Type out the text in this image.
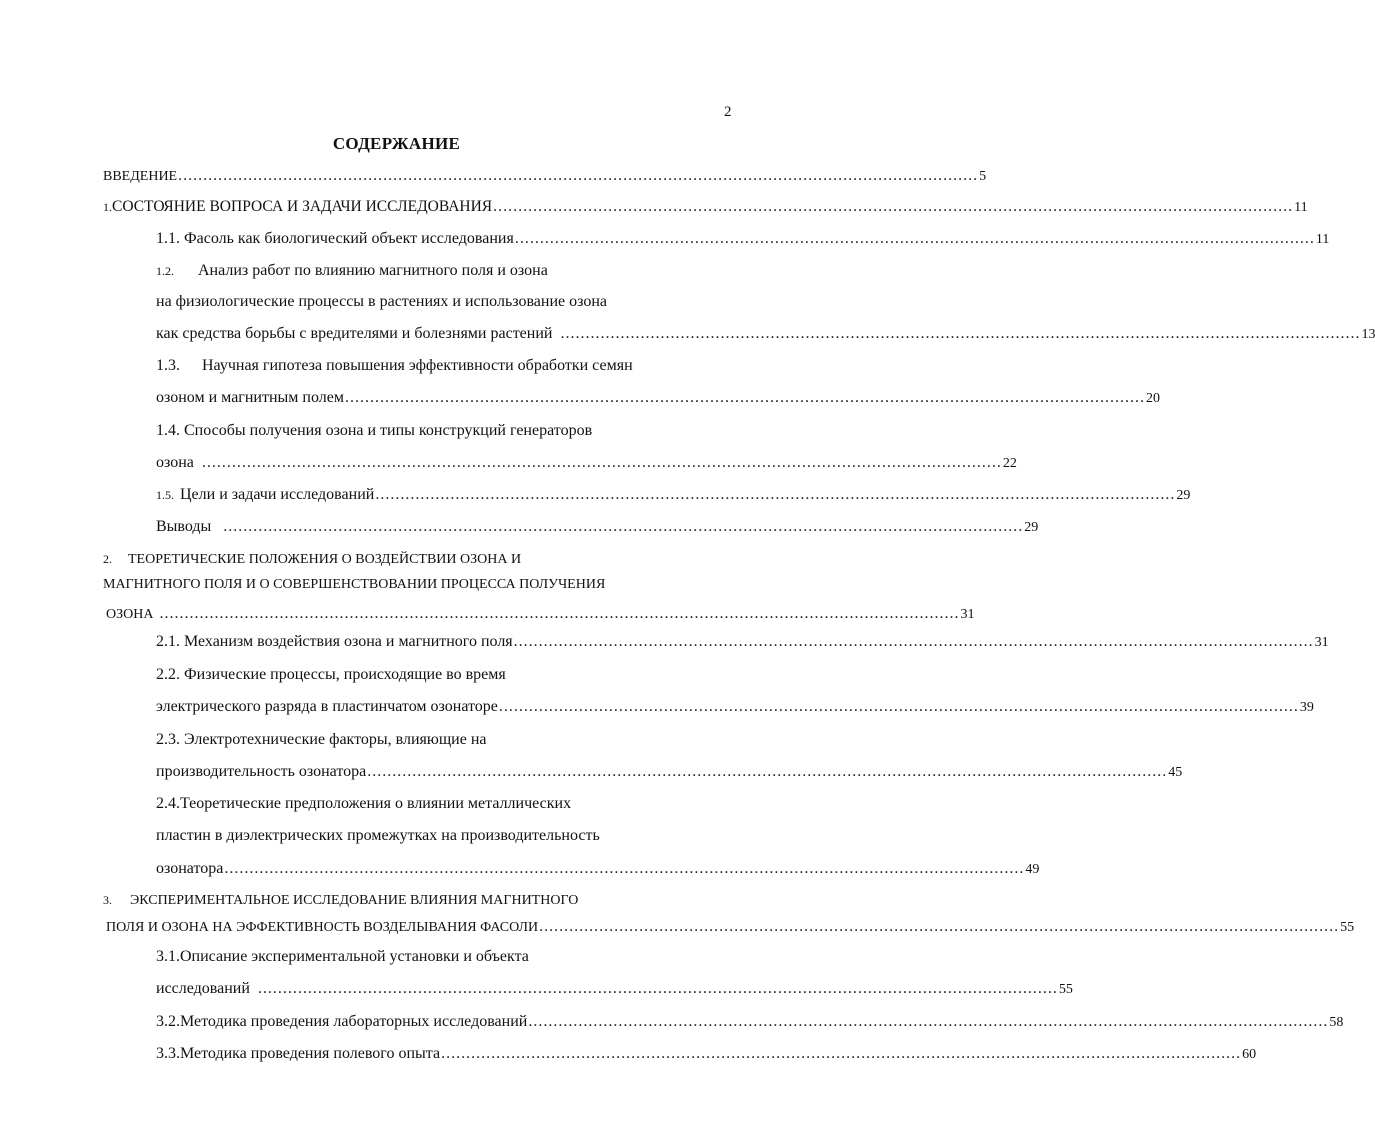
2
СОДЕРЖАНИЕ
ВВЕДЕНИЕ ................................................................................................................................................................ 5
1.СОСТОЯНИЕ ВОПРОСА И ЗАДАЧИ ИССЛЕДОВАНИЯ ................................................................................................................................................................ 11
1.1. Фасоль как биологический объект исследования ................................................................................................................................................................ 11
1.2. Анализ работ по влиянию магнитного поля и озона
на физиологические процессы в растениях и использование озона
как средства борьбы с вредителями и болезнями растений ................................................................................................................................................................ 13
1.3. Научная гипотеза повышения эффективности обработки семян
озоном и магнитным полем ................................................................................................................................................................ 20
1.4. Способы получения озона и типы конструкций генераторов
озона ................................................................................................................................................................ 22
1.5. Цели и задачи исследований ................................................................................................................................................................ 29
Выводы ................................................................................................................................................................ 29
2. ТЕОРЕТИЧЕСКИЕ ПОЛОЖЕНИЯ О ВОЗДЕЙСТВИИ ОЗОНА И
МАГНИТНОГО ПОЛЯ И О СОВЕРШЕНСТВОВАНИИ ПРОЦЕССА ПОЛУЧЕНИЯ
ОЗОНА ................................................................................................................................................................ 31
2.1. Механизм воздействия озона и магнитного поля ................................................................................................................................................................ 31
2.2. Физические процессы, происходящие во время
электрического разряда в пластинчатом озонаторе ................................................................................................................................................................ 39
2.3. Электротехнические факторы, влияющие на
производительность озонатора ................................................................................................................................................................ 45
2.4.Теоретические предположения о влиянии металлических
пластин в диэлектрических промежутках на производительность
озонатора ................................................................................................................................................................ 49
3. ЭКСПЕРИМЕНТАЛЬНОЕ ИССЛЕДОВАНИЕ ВЛИЯНИЯ МАГНИТНОГО
ПОЛЯ И ОЗОНА НА ЭФФЕКТИВНОСТЬ ВОЗДЕЛЫВАНИЯ ФАСОЛИ ................................................................................................................................................................ 55
3.1.Описание экспериментальной установки и объекта
исследований ................................................................................................................................................................ 55
3.2.Методика проведения лабораторных исследований ................................................................................................................................................................ 58
3.3.Методика проведения полевого опыта ................................................................................................................................................................ 60
